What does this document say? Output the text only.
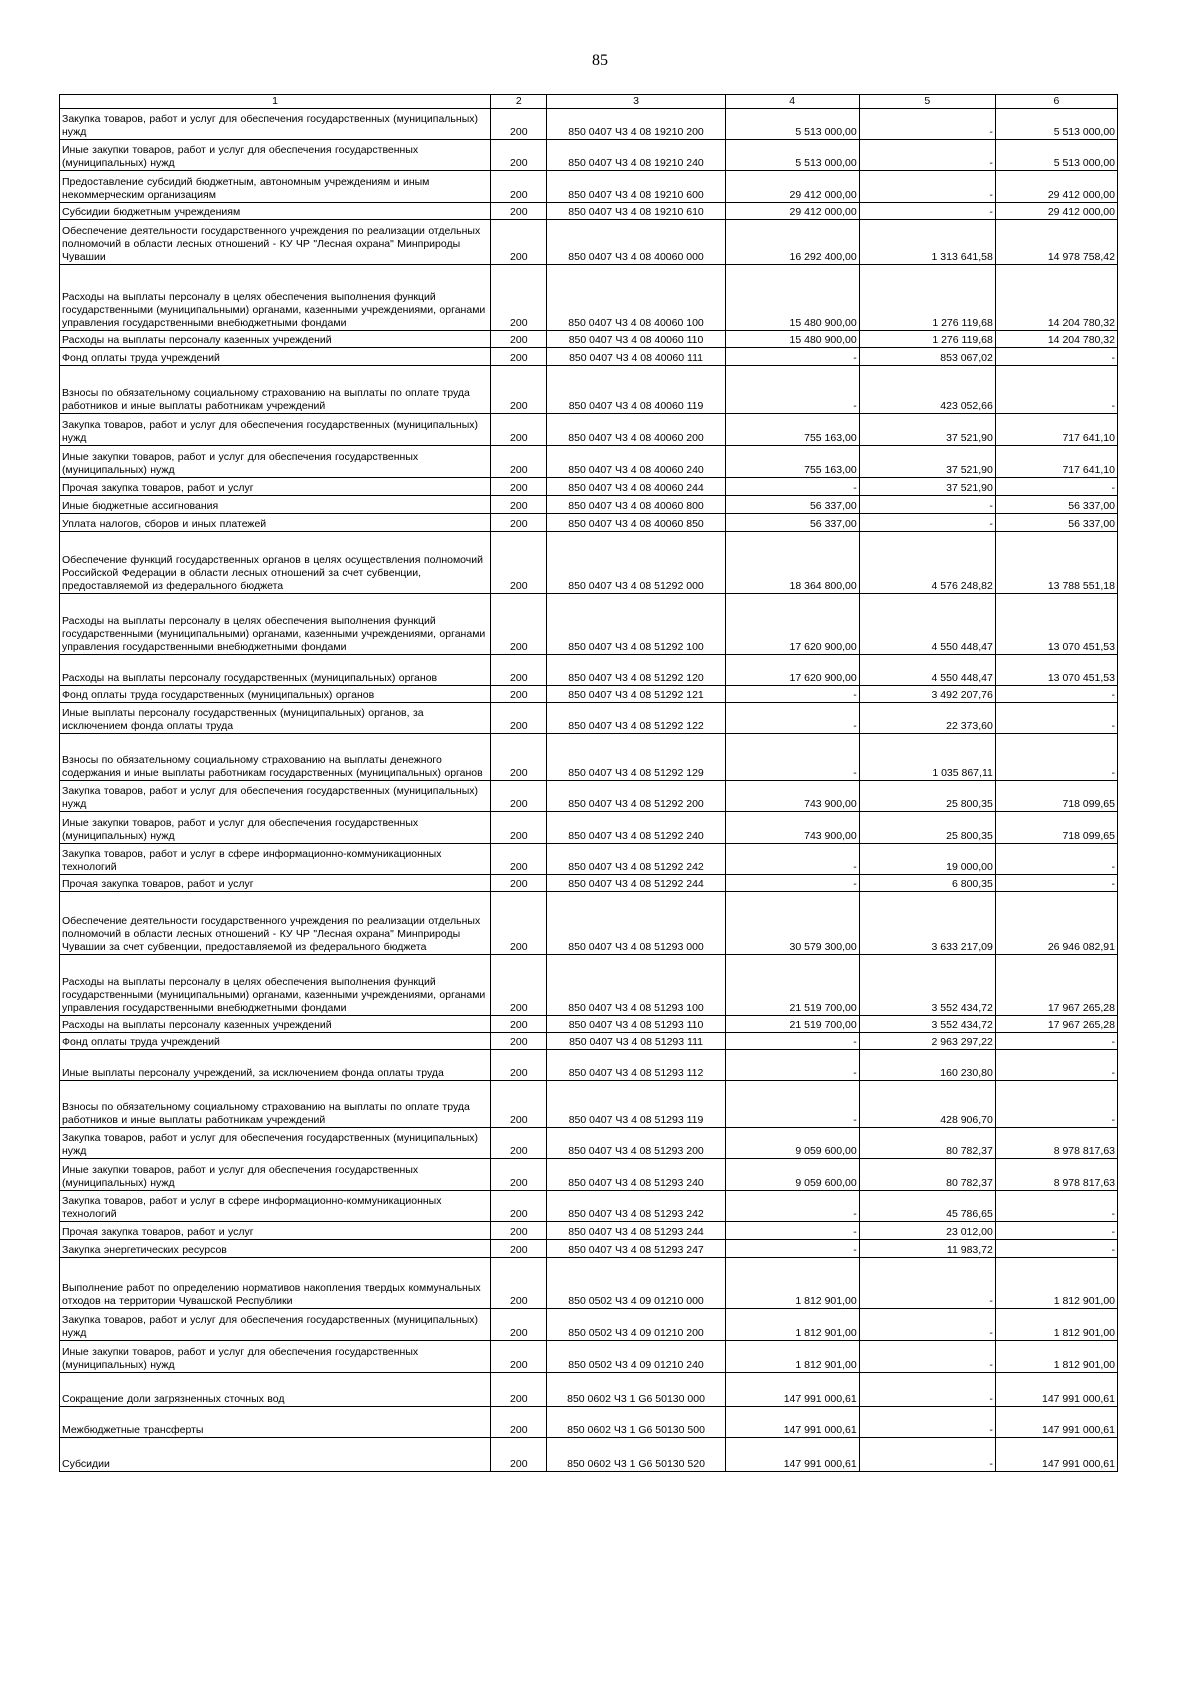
85
1	2	3	4	5	6
Закупка товаров, работ и услуг для обеспечения государственных (муниципальных) нужд	200	850 0407 Ч3 4 08 19210 200	5 513 000,00	-	5 513 000,00
Иные закупки товаров, работ и услуг для обеспечения государственных (муниципальных) нужд	200	850 0407 Ч3 4 08 19210 240	5 513 000,00	-	5 513 000,00
Предоставление субсидий бюджетным, автономным учреждениям и иным некоммерческим организациям	200	850 0407 Ч3 4 08 19210 600	29 412 000,00	-	29 412 000,00
Субсидии бюджетным учреждениям	200	850 0407 Ч3 4 08 19210 610	29 412 000,00	-	29 412 000,00
Обеспечение деятельности государственного учреждения по реализации отдельных полномочий в области лесных отношений - КУ ЧР "Лесная охрана" Минприроды Чувашии	200	850 0407 Ч3 4 08 40060 000	16 292 400,00	1 313 641,58	14 978 758,42
Расходы на выплаты персоналу в целях обеспечения выполнения функций государственными (муниципальными) органами, казенными учреждениями, органами управления государственными внебюджетными фондами	200	850 0407 Ч3 4 08 40060 100	15 480 900,00	1 276 119,68	14 204 780,32
Расходы на выплаты персоналу казенных учреждений	200	850 0407 Ч3 4 08 40060 110	15 480 900,00	1 276 119,68	14 204 780,32
Фонд оплаты труда учреждений	200	850 0407 Ч3 4 08 40060 111	-	853 067,02	-
Взносы по обязательному социальному страхованию на выплаты по оплате труда работников и иные выплаты работникам учреждений	200	850 0407 Ч3 4 08 40060 119	-	423 052,66	-
Закупка товаров, работ и услуг для обеспечения государственных (муниципальных) нужд	200	850 0407 Ч3 4 08 40060 200	755 163,00	37 521,90	717 641,10
Иные закупки товаров, работ и услуг для обеспечения государственных (муниципальных) нужд	200	850 0407 Ч3 4 08 40060 240	755 163,00	37 521,90	717 641,10
Прочая закупка товаров, работ и услуг	200	850 0407 Ч3 4 08 40060 244	-	37 521,90	-
Иные бюджетные ассигнования	200	850 0407 Ч3 4 08 40060 800	56 337,00	-	56 337,00
Уплата налогов, сборов и иных платежей	200	850 0407 Ч3 4 08 40060 850	56 337,00	-	56 337,00
Обеспечение функций государственных органов в целях осуществления полномочий Российской Федерации в области лесных отношений за счет субвенции, предоставляемой из федерального бюджета	200	850 0407 Ч3 4 08 51292 000	18 364 800,00	4 576 248,82	13 788 551,18
Расходы на выплаты персоналу в целях обеспечения выполнения функций государственными (муниципальными) органами, казенными учреждениями, органами управления государственными внебюджетными фондами	200	850 0407 Ч3 4 08 51292 100	17 620 900,00	4 550 448,47	13 070 451,53
Расходы на выплаты персоналу государственных (муниципальных) органов	200	850 0407 Ч3 4 08 51292 120	17 620 900,00	4 550 448,47	13 070 451,53
Фонд оплаты труда государственных (муниципальных) органов	200	850 0407 Ч3 4 08 51292 121	-	3 492 207,76	-
Иные выплаты персоналу государственных (муниципальных) органов, за исключением фонда оплаты труда	200	850 0407 Ч3 4 08 51292 122	-	22 373,60	-
Взносы по обязательному социальному страхованию на выплаты денежного содержания и иные выплаты работникам государственных (муниципальных) органов	200	850 0407 Ч3 4 08 51292 129	-	1 035 867,11	-
Закупка товаров, работ и услуг для обеспечения государственных (муниципальных) нужд	200	850 0407 Ч3 4 08 51292 200	743 900,00	25 800,35	718 099,65
Иные закупки товаров, работ и услуг для обеспечения государственных (муниципальных) нужд	200	850 0407 Ч3 4 08 51292 240	743 900,00	25 800,35	718 099,65
Закупка товаров, работ и услуг в сфере информационно-коммуникационных технологий	200	850 0407 Ч3 4 08 51292 242	-	19 000,00	-
Прочая закупка товаров, работ и услуг	200	850 0407 Ч3 4 08 51292 244	-	6 800,35	-
Обеспечение деятельности государственного учреждения по реализации отдельных полномочий в области лесных отношений - КУ ЧР "Лесная охрана" Минприроды Чувашии за счет субвенции, предоставляемой из федерального бюджета	200	850 0407 Ч3 4 08 51293 000	30 579 300,00	3 633 217,09	26 946 082,91
Расходы на выплаты персоналу в целях обеспечения выполнения функций государственными (муниципальными) органами, казенными учреждениями, органами управления государственными внебюджетными фондами	200	850 0407 Ч3 4 08 51293 100	21 519 700,00	3 552 434,72	17 967 265,28
Расходы на выплаты персоналу казенных учреждений	200	850 0407 Ч3 4 08 51293 110	21 519 700,00	3 552 434,72	17 967 265,28
Фонд оплаты труда учреждений	200	850 0407 Ч3 4 08 51293 111	-	2 963 297,22	-
Иные выплаты персоналу учреждений, за исключением фонда оплаты труда	200	850 0407 Ч3 4 08 51293 112	-	160 230,80	-
Взносы по обязательному социальному страхованию на выплаты по оплате труда работников и иные выплаты работникам учреждений	200	850 0407 Ч3 4 08 51293 119	-	428 906,70	-
Закупка товаров, работ и услуг для обеспечения государственных (муниципальных) нужд	200	850 0407 Ч3 4 08 51293 200	9 059 600,00	80 782,37	8 978 817,63
Иные закупки товаров, работ и услуг для обеспечения государственных (муниципальных) нужд	200	850 0407 Ч3 4 08 51293 240	9 059 600,00	80 782,37	8 978 817,63
Закупка товаров, работ и услуг в сфере информационно-коммуникационных технологий	200	850 0407 Ч3 4 08 51293 242	-	45 786,65	-
Прочая закупка товаров, работ и услуг	200	850 0407 Ч3 4 08 51293 244	-	23 012,00	-
Закупка энергетических ресурсов	200	850 0407 Ч3 4 08 51293 247	-	11 983,72	-
Выполнение работ по определению нормативов накопления твердых коммунальных отходов на территории Чувашской Республики	200	850 0502 Ч3 4 09 01210 000	1 812 901,00	-	1 812 901,00
Закупка товаров, работ и услуг для обеспечения государственных (муниципальных) нужд	200	850 0502 Ч3 4 09 01210 200	1 812 901,00	-	1 812 901,00
Иные закупки товаров, работ и услуг для обеспечения государственных (муниципальных) нужд	200	850 0502 Ч3 4 09 01210 240	1 812 901,00	-	1 812 901,00
Сокращение доли загрязненных сточных вод	200	850 0602 Ч3 1 G6 50130 000	147 991 000,61	-	147 991 000,61
Межбюджетные трансферты	200	850 0602 Ч3 1 G6 50130 500	147 991 000,61	-	147 991 000,61
Субсидии	200	850 0602 Ч3 1 G6 50130 520	147 991 000,61	-	147 991 000,61
